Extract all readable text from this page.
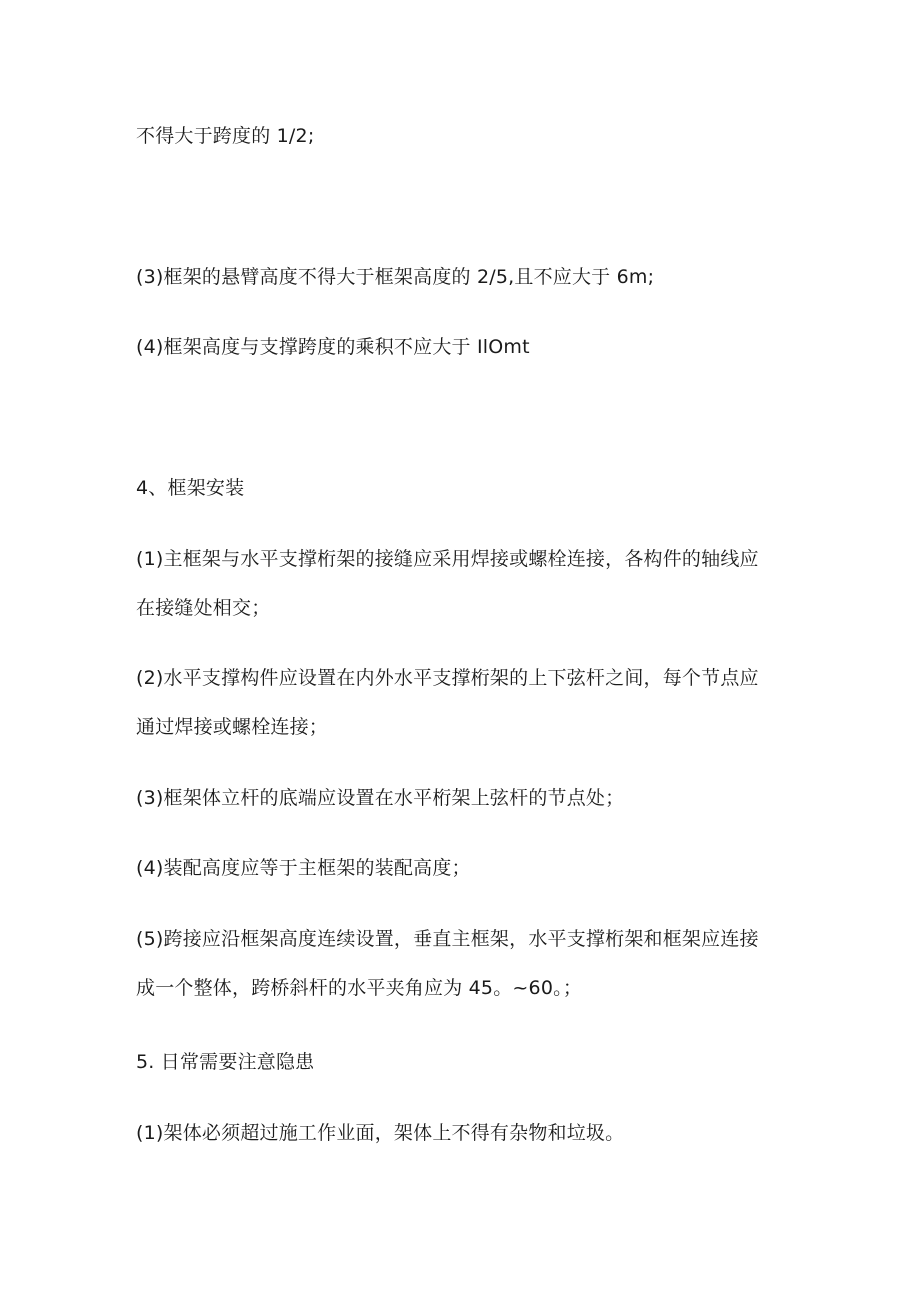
不得大于跨度的 1/2;
(3)框架的悬臂高度不得大于框架高度的 2/5,且不应大于 6m;
(4)框架高度与支撑跨度的乘积不应大于 IlOmt
4、框架安装
(1)主框架与水平支撑桁架的接缝应采用焊接或螺栓连接，各构件的轴线应
在接缝处相交；
(2)水平支撑构件应设置在内外水平支撑桁架的上下弦杆之间，每个节点应
通过焊接或螺栓连接；
(3)框架体立杆的底端应设置在水平桁架上弦杆的节点处；
(4)装配高度应等于主框架的装配高度；
(5)跨接应沿框架高度连续设置，垂直主框架，水平支撑桁架和框架应连接
成一个整体，跨桥斜杆的水平夹角应为 45。~60。；
5. 日常需要注意隐患
(1)架体必须超过施工作业面，架体上不得有杂物和垃圾。
